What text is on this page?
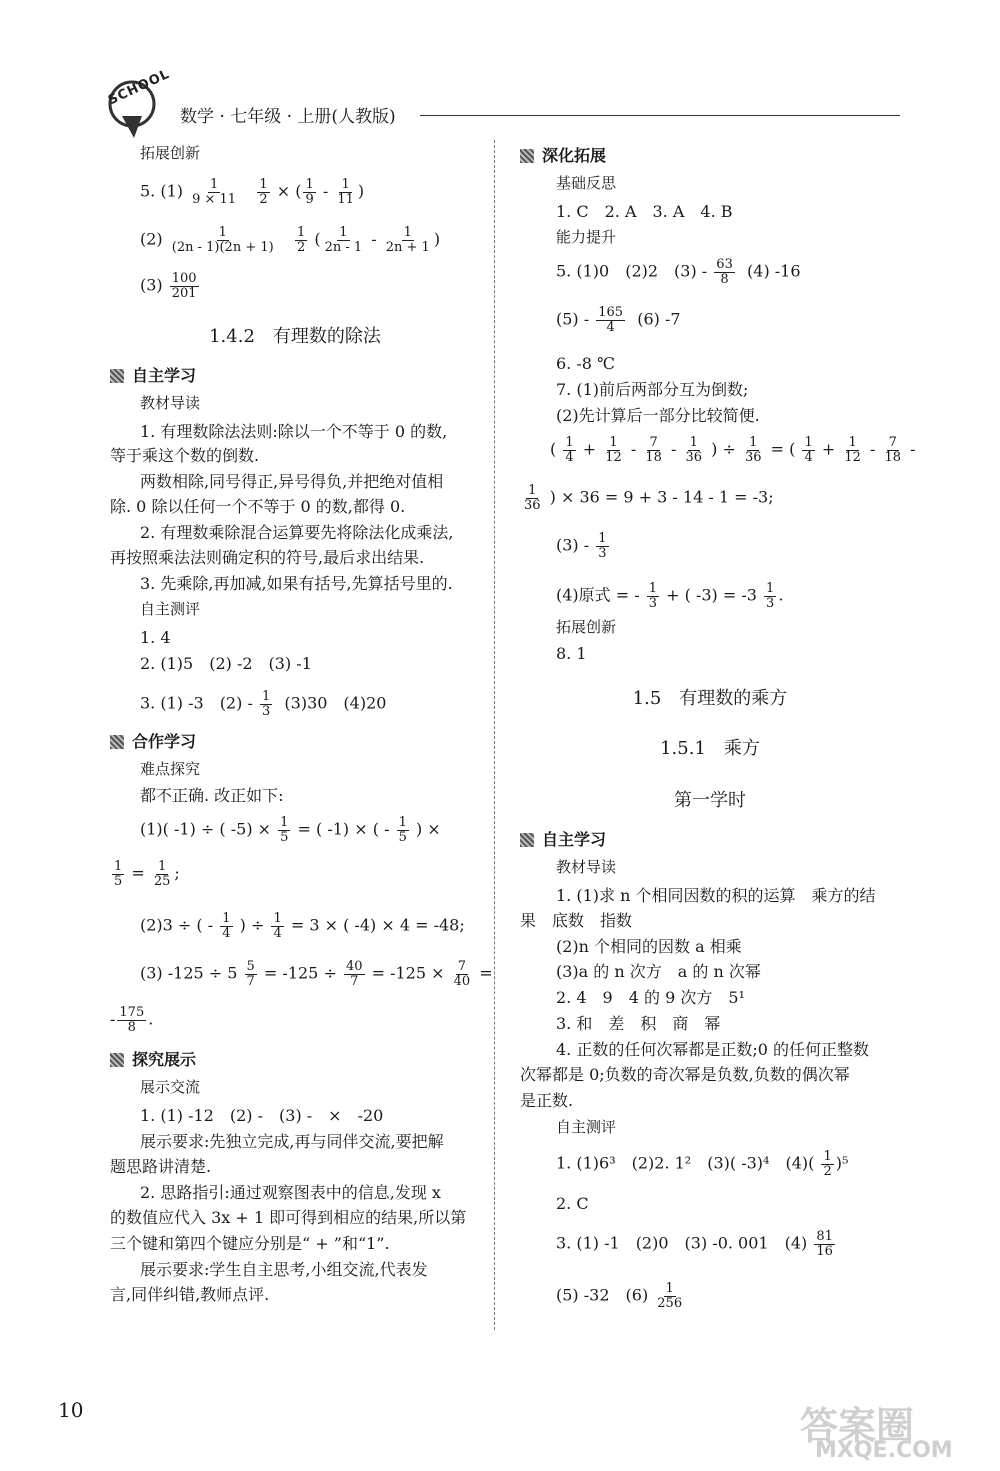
SCHOOL
数学 · 七年级 · 上册(人教版)
拓展创新
5. $(1) \frac{1}{9 \times 11}$
$\frac{1}{2}$ × ( $\frac{1}{9} - \frac{1}{11}$ )
$(2) \frac{1}{(2n - 1)(2n + 1)}$
$\frac{1}{2}$ ( $\frac{1}{2n - 1} - \frac{1}{2n + 1}$ )
$(3) \frac{100}{201}$
1.4.2　有理数的除法
自主学习
教材导读
1. 有理数除法法则:除以一个不等于 0 的数,
等于乘这个数的倒数.
两数相除,同号得正,异号得负,并把绝对值相
除. 0 除以任何一个不等于 0 的数,都得 0.
2. 有理数乘除混合运算要先将除法化成乘法,
再按照乘法法则确定积的符号,最后求出结果.
3. 先乘除,再加减,如果有括号,先算括号里的.
自主测评
1. 4
2. (1)5　(2) -2　(3) -1
3. (1) -3　$(2) - \frac{1}{3} (3)30$　(4)20
合作学习
难点探究
都不正确. 改正如下:
(1)( -1) ÷ ( $-5) \times \frac{1}{5}$ = ( -1) × ( - $\frac{1}{5}$ ) ×
$\frac{1}{5} = \frac{1}{25}$ ;
(2)3 ÷ ( - $\frac{1}{4}$ ) ÷ $\frac{1}{4} = 3$ × ( -4) × 4 = -48;
(3) $-125 \div 5 \frac{5}{7} = -125 \div \frac{40}{7} = -125 \times \frac{7}{40}$ =
- $\frac{175}{8}$ .
探究展示
展示交流
1. (1) -12　(2) -　(3) -　×　-20
展示要求:先独立完成,再与同伴交流,要把解
题思路讲清楚.
2. 思路指引:通过观察图表中的信息,发现 x
的数值应代入 3x + 1 即可得到相应的结果,所以第
三个键和第四个键应分别是“ + ”和“1”.
展示要求:学生自主思考,小组交流,代表发
言,同伴纠错,教师点评.
深化拓展
基础反思
1. C　2. A　3. A　4. B
能力提升
5. (1)0　(2)2　$(3) - \frac{63}{8} (4)$ -16
$(5) - \frac{165}{4} (6)$ -7
6. -8 ℃
7. (1)前后两部分互为倒数;
(2)先计算后一部分比较简便.
( $\frac{1}{4} + \frac{1}{12} - \frac{7}{18} - \frac{1}{36}$ ) ÷ $\frac{1}{36}$ = ( $\frac{1}{4} + \frac{1}{12} - \frac{7}{18}$ -
$\frac{1}{36}$ ) × 36 = 9 + 3 - 14 - 1 = -3;
$(3) - \frac{1}{3}$
(4)原式 = - $\frac{1}{3}$ + ( $-3) = -3 \frac{1}{3}$ .
拓展创新
8. 1
1.5　有理数的乘方
1.5.1　乘方
第一学时
自主学习
教材导读
1. (1)求 n 个相同因数的积的运算　乘方的结
果　底数　指数
(2)n 个相同的因数 a 相乘
(3)a 的 n 次方　a 的 n 次幂
2. 4　9　4 的 9 次方　5¹
3. 和　差　积　商　幂
4. 正数的任何次幂都是正数;0 的任何正整数
次幂都是 0;负数的奇次幂是负数,负数的偶次幂
是正数.
自主测评
1. (1)6³　(2)2. 1²　(3)( -3)⁴　$(4)( \frac{1}{2} )^5$
2. C
3. (1) -1　(2)0　(3) -0. 001　$(4) \frac{81}{16}$
(5) -32　$(6) \frac{1}{256}$
10	答案圈
MXQE.COM
